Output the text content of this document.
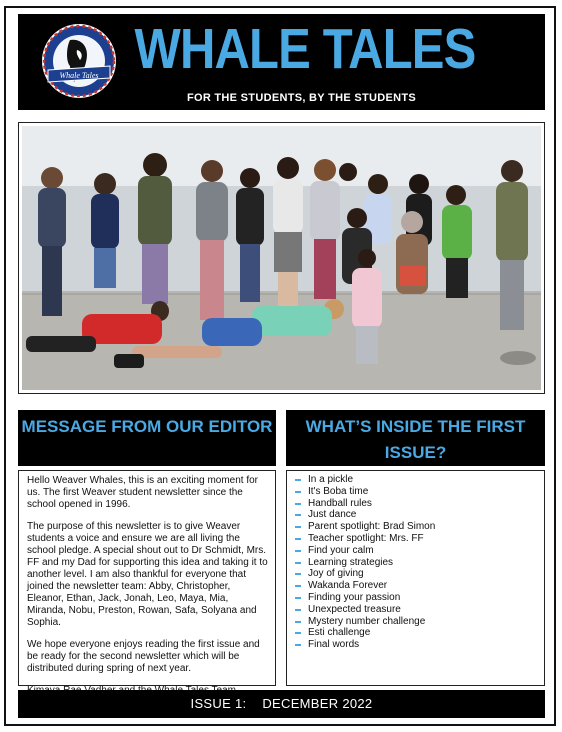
Whale Tales WHALE TALES
FOR THE STUDENTS, BY THE STUDENTS
MESSAGE FROM OUR EDITOR	WHAT’S INSIDE THE FIRST ISSUE?

Hello Weaver Whales, this is an exciting moment for us. The first Weaver student newsletter since the school opened in 1996.

The purpose of this newsletter is to give Weaver students a voice and ensure we are all living the school pledge. A special shout out to Dr Schmidt, Mrs. FF and my Dad for supporting this idea and taking it to another level. I am also thankful for everyone that joined the newsletter team: Abby, Christopher, Eleanor, Ethan, Jack, Jonah, Leo, Maya, Mia, Miranda, Nobu, Preston, Rowan, Safa, Solyana and Sophia.

We hope everyone enjoys reading the first issue and be ready for the second newsletter which will be distributed during spring of next year.

In a pickle
It's Boba time
Handball rules
Just dance
Parent spotlight: Brad Simon
Teacher spotlight: Mrs. FF
Find your calm
Learning strategies
Joy of giving
Wakanda Forever
Finding your passion
Unexpected treasure
Mystery number challenge
Esti challenge
Final words
ISSUE 1: DECEMBER 2022
